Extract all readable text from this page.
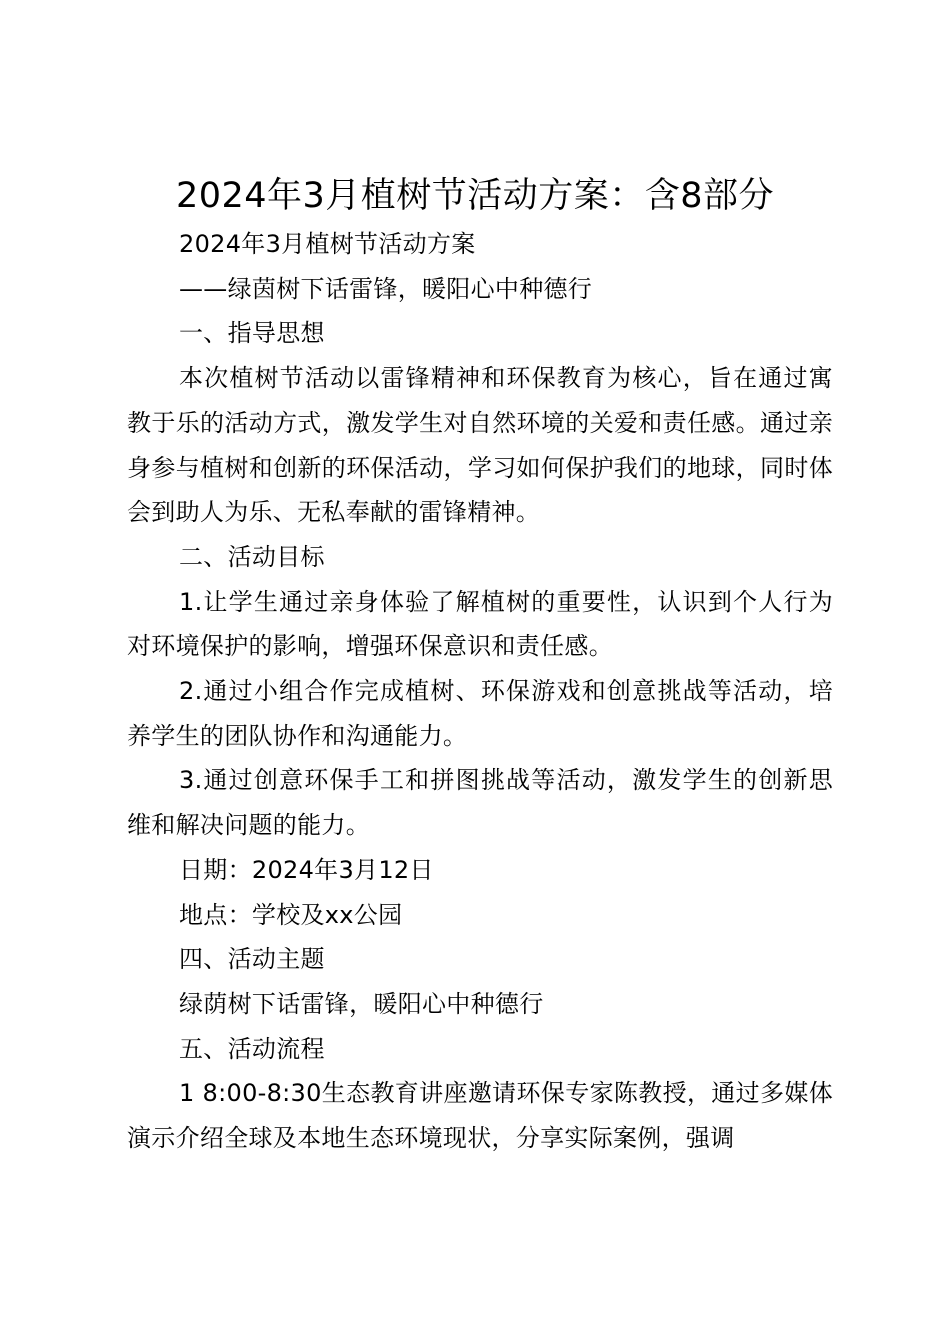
2024年3月植树节活动方案：含8部分

2024年3月植树节活动方案

——绿茵树下话雷锋，暖阳心中种德行

一、指导思想

本次植树节活动以雷锋精神和环保教育为核心，旨在通过寓教于乐的活动方式，激发学生对自然环境的关爱和责任感。通过亲身参与植树和创新的环保活动，学习如何保护我们的地球，同时体会到助人为乐、无私奉献的雷锋精神。

二、活动目标

1.让学生通过亲身体验了解植树的重要性，认识到个人行为对环境保护的影响，增强环保意识和责任感。

2.通过小组合作完成植树、环保游戏和创意挑战等活动，培养学生的团队协作和沟通能力。

3.通过创意环保手工和拼图挑战等活动，激发学生的创新思维和解决问题的能力。

日期：2024年3月12日

地点：学校及xx公园

四、活动主题

绿荫树下话雷锋，暖阳心中种德行

五、活动流程

1 8:00-8:30生态教育讲座邀请环保专家陈教授，通过多媒体演示介绍全球及本地生态环境现状，分享实际案例，强调
